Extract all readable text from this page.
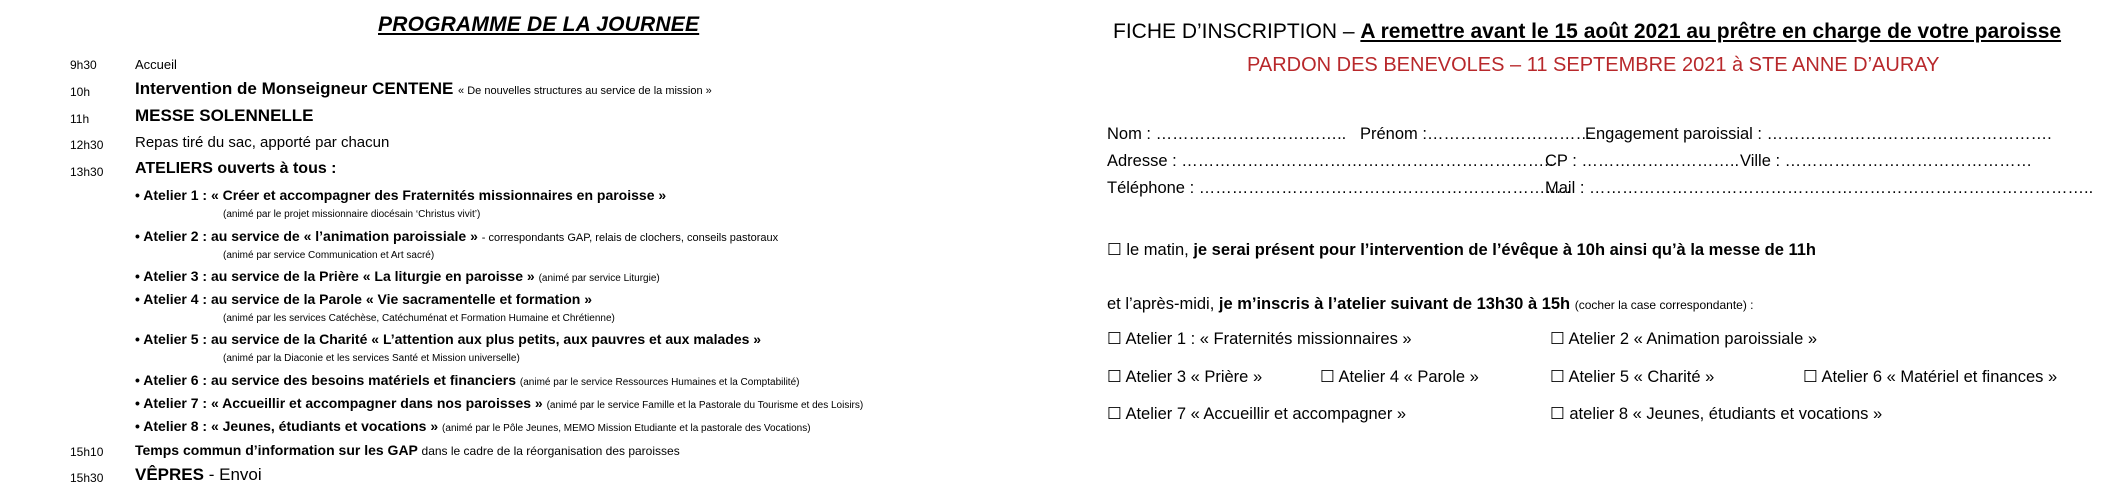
PROGRAMME DE LA JOURNEE
9h30	Accueil
10h	Intervention de Monseigneur CENTENE « De nouvelles structures au service de la mission »
11h	MESSE SOLENNELLE
12h30 Repas tiré du sac, apporté par chacun
13h30 ATELIERS ouverts à tous :
• Atelier 1 : « Créer et accompagner des Fraternités missionnaires en paroisse »
(animé par le projet missionnaire diocésain ‘Christus vivit’)
• Atelier 2 : au service de « l’animation paroissiale » - correspondants GAP, relais de clochers, conseils pastoraux
(animé par service Communication et Art sacré)
• Atelier 3 : au service de la Prière « La liturgie en paroisse » (animé par service Liturgie)
• Atelier 4 : au service de la Parole « Vie sacramentelle et formation »
(animé par les services Catéchèse, Catéchuménat et Formation Humaine et Chrétienne)
• Atelier 5 : au service de la Charité « L’attention aux plus petits, aux pauvres et aux malades »
(animé par la Diaconie et les services Santé et Mission universelle)
• Atelier 6 : au service des besoins matériels et financiers (animé par le service Ressources Humaines et la Comptabilité)
• Atelier 7 : « Accueillir et accompagner dans nos paroisses » (animé par le service Famille et la Pastorale du Tourisme et des Loisirs)
• Atelier 8 : « Jeunes, étudiants et vocations » (animé par le Pôle Jeunes, MEMO Mission Etudiante et la pastorale des Vocations)
15h10 Temps commun d’information sur les GAP dans le cadre de la réorganisation des paroisses
15h30 VÊPRES - Envoi
FICHE D’INSCRIPTION – A remettre avant le 15 août 2021 au prêtre en charge de votre paroisse
PARDON DES BENEVOLES – 11 SEPTEMBRE 2021 à STE ANNE D’AURAY
Nom : …………………………….. Prénom :…………………………
Engagement paroissial : …………………………………………….
Adresse : …………………………………………………………..
CP : ……………………….. Ville : ………………………………………
Téléphone : …………………………………………………………..
Mail : ………………………………………………………………………………..
☐ le matin, je serai présent pour l’intervention de l’évêque à 10h ainsi qu’à la messe de 11h
et l’après-midi, je m’inscris à l’atelier suivant de 13h30 à 15h (cocher la case correspondante) :
☐ Atelier 1 : « Fraternités missionnaires »	☐ Atelier 2 « Animation paroissiale »
☐ Atelier 3 « Prière »	☐ Atelier 4 « Parole »	☐ Atelier 5 « Charité »	☐ Atelier 6 « Matériel et finances »
☐ Atelier 7 « Accueillir et accompagner »	☐ atelier 8 « Jeunes, étudiants et vocations »
